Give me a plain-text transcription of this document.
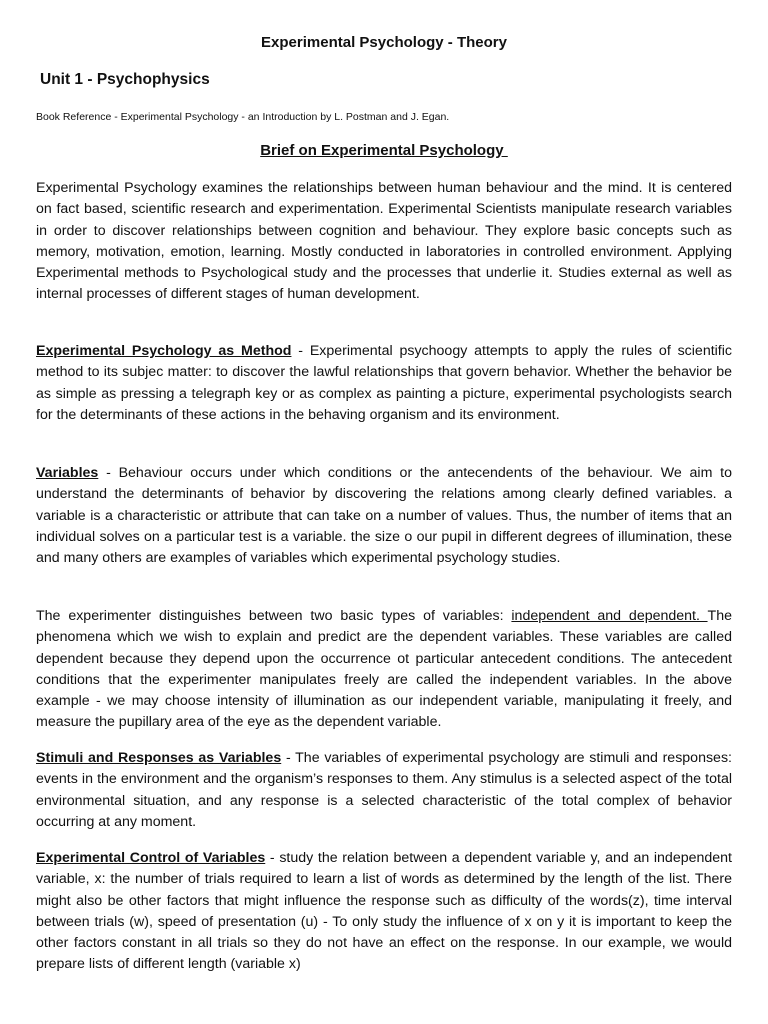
Experimental Psychology - Theory
Unit 1 - Psychophysics
Book Reference - Experimental Psychology - an Introduction by L. Postman and J. Egan.
Brief on Experimental Psychology

Experimental Psychology examines the relationships between human behaviour and the mind. It is centered on fact based, scientific research and experimentation. Experimental Scientists manipulate research variables in order to discover relationships between cognition and behaviour. They explore basic concepts such as memory, motivation, emotion, learning. Mostly conducted in laboratories in controlled environment. Applying Experimental methods to Psychological study and the processes that underlie it. Studies external as well as internal processes of different stages of human development.

Experimental Psychology as Method - Experimental psychoogy attempts to apply the rules of scientific method to its subjec matter: to discover the lawful relationships that govern behavior. Whether the behavior be as simple as pressing a telegraph key or as complex as painting a picture, experimental psychologists search for the determinants of these actions in the behaving organism and its environment.

Variables - Behaviour occurs under which conditions or the antecendents of the behaviour. We aim to understand the determinants of behavior by discovering the relations among clearly defined variables. a variable is a characteristic or attribute that can take on a number of values. Thus, the number of items that an individual solves on a particular test is a variable. the size o our pupil in different degrees of illumination, these and many others are examples of variables which experimental psychology studies.

The experimenter distinguishes between two basic types of variables: independent and dependent. The phenomena which we wish to explain and predict are the dependent variables. These variables are called dependent because they depend upon the occurrence ot particular antecedent conditions. The antecedent conditions that the experimenter manipulates freely are called the independent variables. In the above example - we may choose intensity of illumination as our independent variable, manipulating it freely, and measure the pupillary area of the eye as the dependent variable.

Stimuli and Responses as Variables - The variables of experimental psychology are stimuli and responses: events in the environment and the organism’s responses to them. Any stimulus is a selected aspect of the total environmental situation, and any response is a selected characteristic of the total complex of behavior occurring at any moment.

Experimental Control of Variables - study the relation between a dependent variable y, and an independent variable, x: the number of trials required to learn a list of words as determined by the length of the list. There might also be other factors that might influence the response such as difficulty of the words(z), time interval between trials (w), speed of presentation (u) - To only study the influence of x on y it is important to keep the other factors constant in all trials so they do not have an effect on the response. In our example, we would prepare lists of different length (variable x)
